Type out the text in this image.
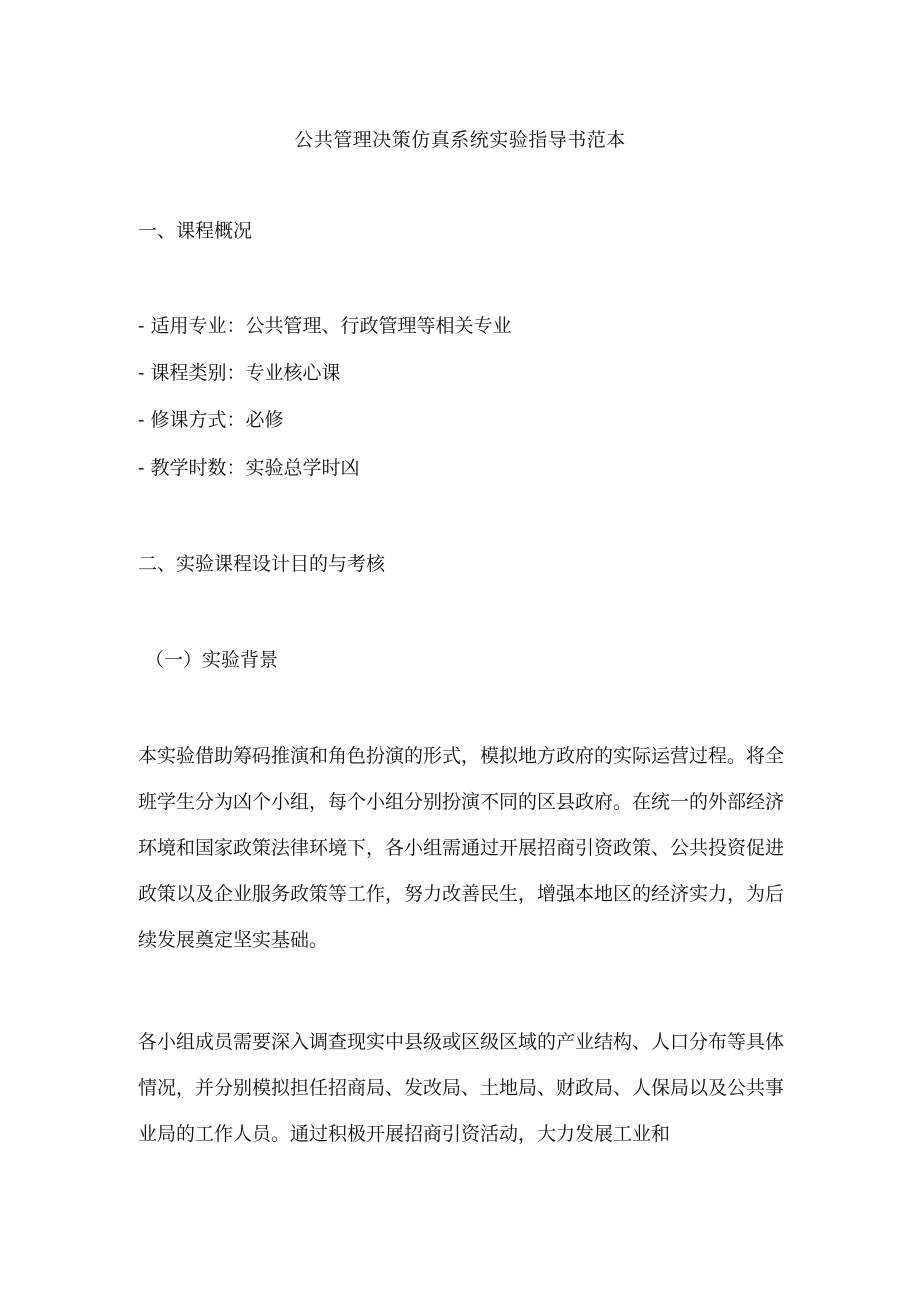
公共管理决策仿真系统实验指导书范本
一、课程概况
- 适用专业：公共管理、行政管理等相关专业
- 课程类别：专业核心课
- 修课方式：必修
- 教学时数：实验总学时凶
二、实验课程设计目的与考核
（一）实验背景
本实验借助筹码推演和角色扮演的形式，模拟地方政府的实际运营过程。将全班学生分为凶个小组，每个小组分别扮演不同的区县政府。在统一的外部经济环境和国家政策法律环境下，各小组需通过开展招商引资政策、公共投资促进政策以及企业服务政策等工作，努力改善民生，增强本地区的经济实力，为后续发展奠定坚实基础。
各小组成员需要深入调查现实中县级或区级区域的产业结构、人口分布等具体情况，并分别模拟担任招商局、发改局、土地局、财政局、人保局以及公共事业局的工作人员。通过积极开展招商引资活动，大力发展工业和
